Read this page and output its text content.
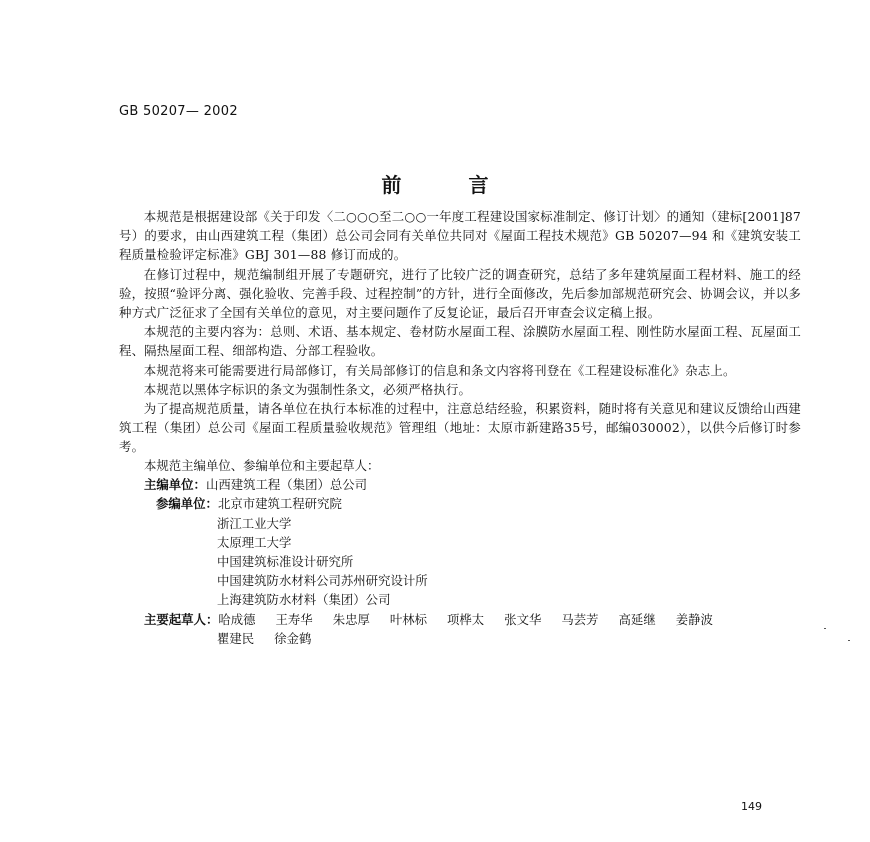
GB 50207— 2002
前 言

本规范是根据建设部《关于印发〈二○○○至二○○一年度工程建设国家标准制定、修订计划〉的通知（建标[2001]87号）的要求，由山西建筑工程（集团）总公司会同有关单位共同对《屋面工程技术规范》GB 50207—94 和《建筑安装工程质量检验评定标准》GBJ 301—88 修订而成的。

在修订过程中，规范编制组开展了专题研究，进行了比较广泛的调查研究，总结了多年建筑屋面工程材料、施工的经验，按照“验评分离、强化验收、完善手段、过程控制”的方针，进行全面修改，先后参加部规范研究会、协调会议，并以多种方式广泛征求了全国有关单位的意见，对主要问题作了反复论证，最后召开审查会议定稿上报。

本规范的主要内容为：总则、术语、基本规定、卷材防水屋面工程、涂膜防水屋面工程、刚性防水屋面工程、瓦屋面工程、隔热屋面工程、细部构造、分部工程验收。

本规范将来可能需要进行局部修订，有关局部修订的信息和条文内容将刊登在《工程建设标准化》杂志上。

本规范以黑体字标识的条文为强制性条文，必须严格执行。

为了提高规范质量，请各单位在执行本标准的过程中，注意总结经验，积累资料，随时将有关意见和建议反馈给山西建筑工程（集团）总公司《屋面工程质量验收规范》管理组（地址：太原市新建路35号，邮编030002），以供今后修订时参考。

本规范主编单位、参编单位和主要起草人：
主编单位：山西建筑工程（集团）总公司
参编单位：北京市建筑工程研究院
浙江工业大学
太原理工大学
中国建筑标准设计研究所
中国建筑防水材料公司苏州研究设计所
上海建筑防水材料（集团）公司
主要起草人：哈成德 王寿华 朱忠厚 叶林标 项桦太 张文华 马芸芳 高延继 姜静波
瞿建民 徐金鹤
149
